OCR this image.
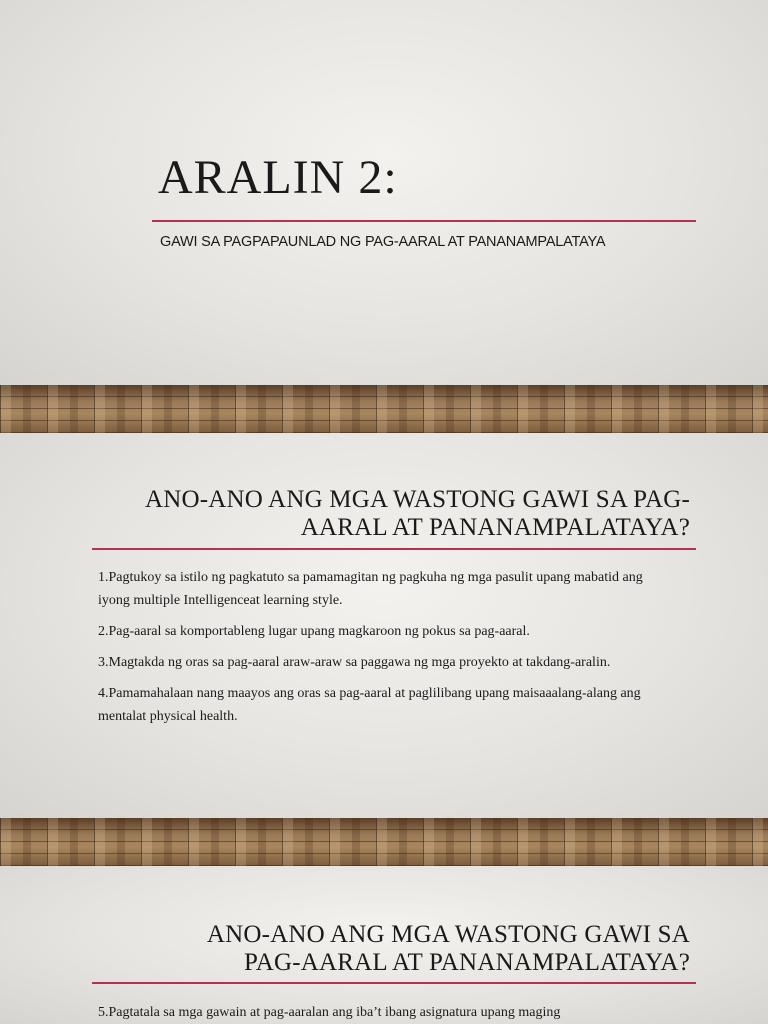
ARALIN 2:
GAWI SA PAGPAPAUNLAD NG PAG-AARAL AT PANANAMPALATAYA
ANO-ANO ANG MGA WASTONG GAWI SA PAG-
AARAL AT PANANAMPALATAYA?

1.Pagtukoy sa istilo ng pagkatuto sa pamamagitan ng pagkuha ng mga pasulit upang mabatid ang iyong multiple Intelligenceat learning style.

2.Pag-aaral sa komportableng lugar upang magkaroon ng pokus sa pag-aaral.

3.Magtakda ng oras sa pag-aaral araw-araw sa paggawa ng mga proyekto at takdang-aralin.

4.Pamamahalaan nang maayos ang oras sa pag-aaral at paglilibang upang maisaaalang-alang ang mentalat physical health.

ANO-ANO ANG MGA WASTONG GAWI SA
PAG-AARAL AT PANANAMPALATAYA?

5.Pagtatala sa mga gawain at pag-aaralan ang iba’t ibang asignatura upang maging
